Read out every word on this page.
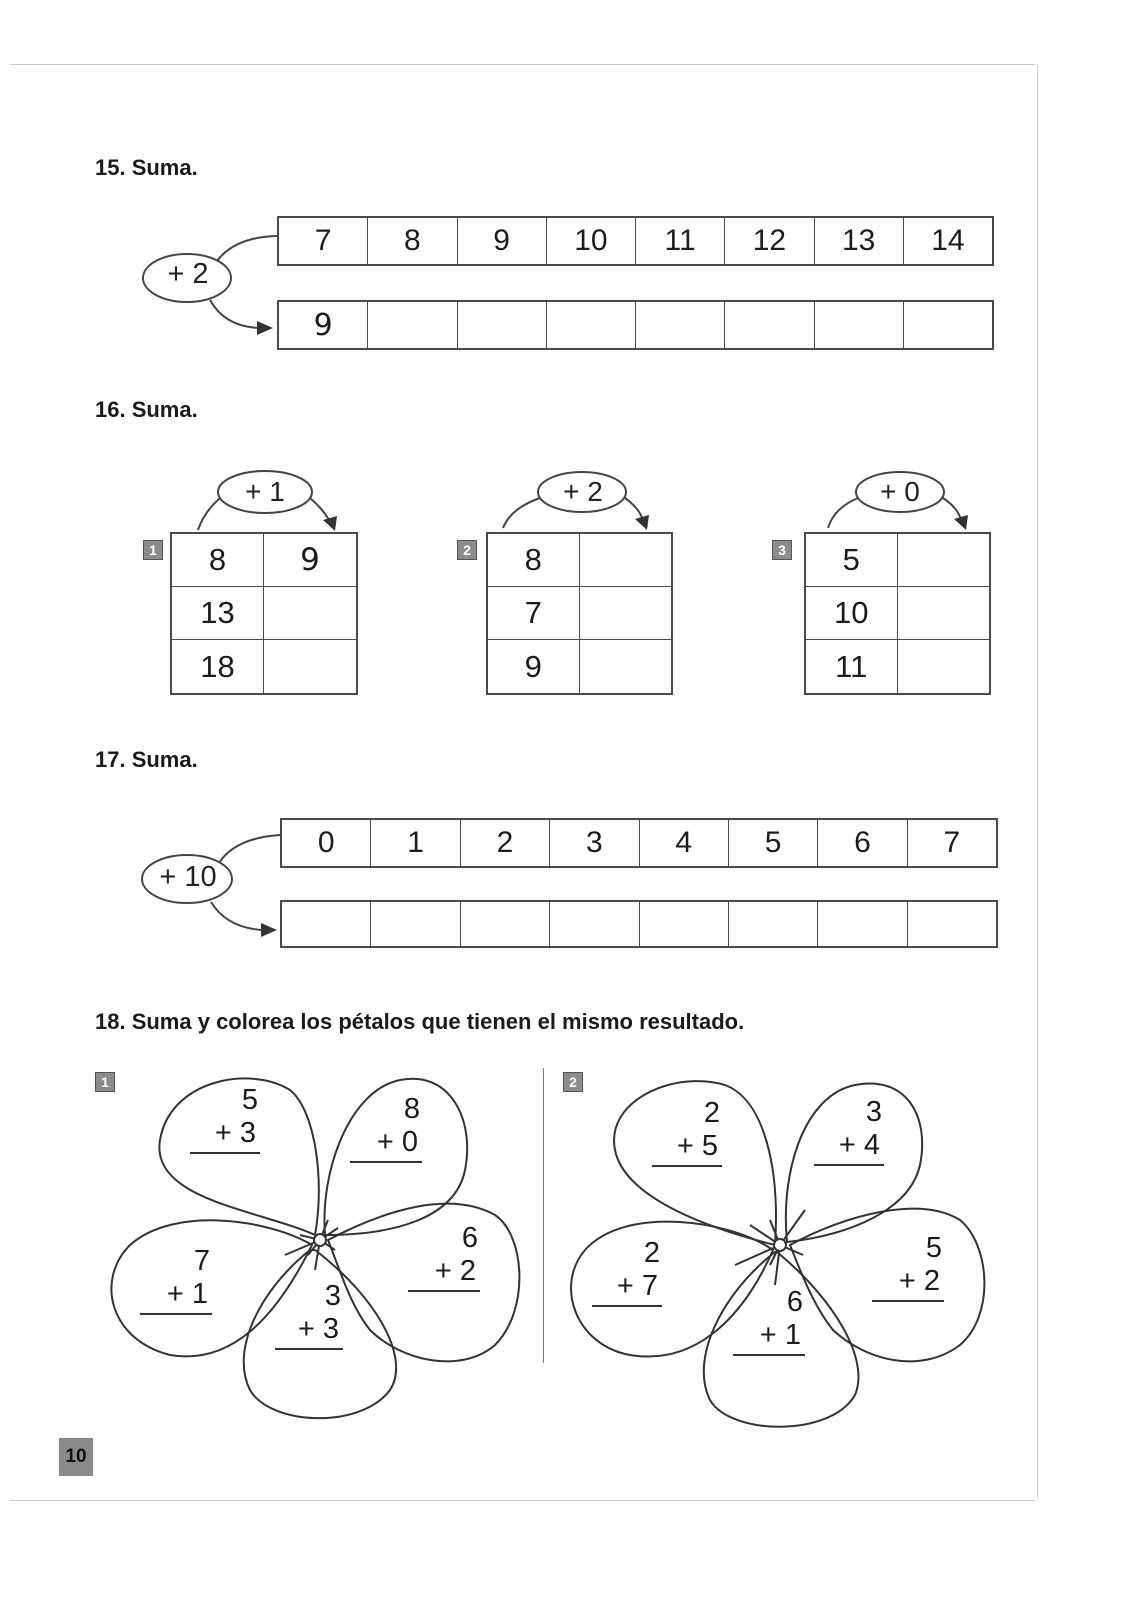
15. Suma.
+ 2
7	8	9	10	11	12	13	14
9
16. Suma.
+ 1
1	8	9
13
18
+ 2
2	8
7
9
+ 0
3	5
10
11
17. Suma.
+ 10
0	1	2	3	4	5	6	7
18. Suma y colorea los pétalos que tienen el mismo resultado.
1
5
+ 3
8
+ 0
7
+ 1	3
+ 3
6
+ 2
2
2
+ 5
3
+ 4
2
+ 7	6
+ 1
5
+ 2
10
